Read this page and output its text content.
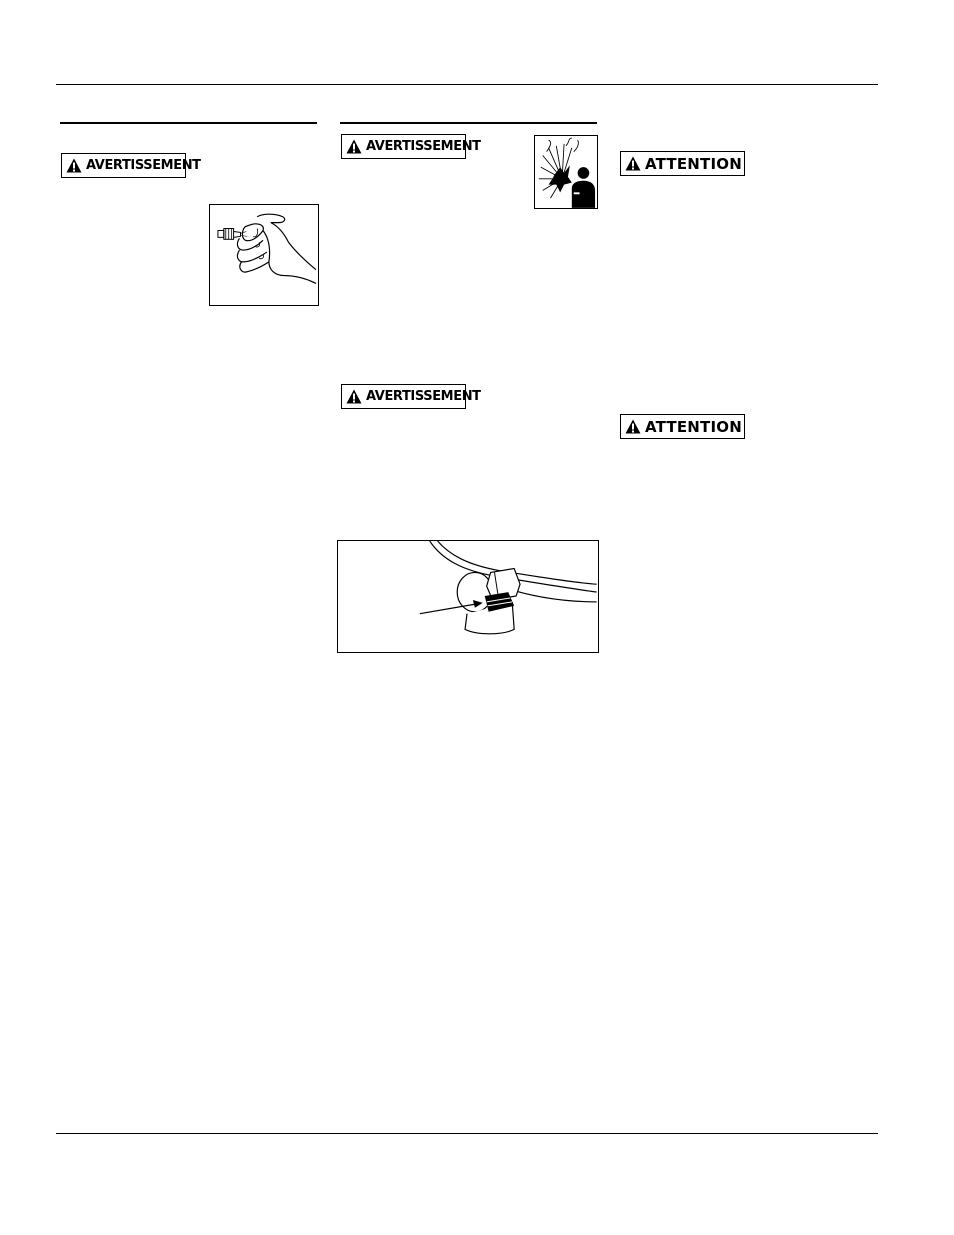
AVERTISSEMENT
AVERTISSEMENT
AVERTISSEMENT
ATTENTION
ATTENTION
